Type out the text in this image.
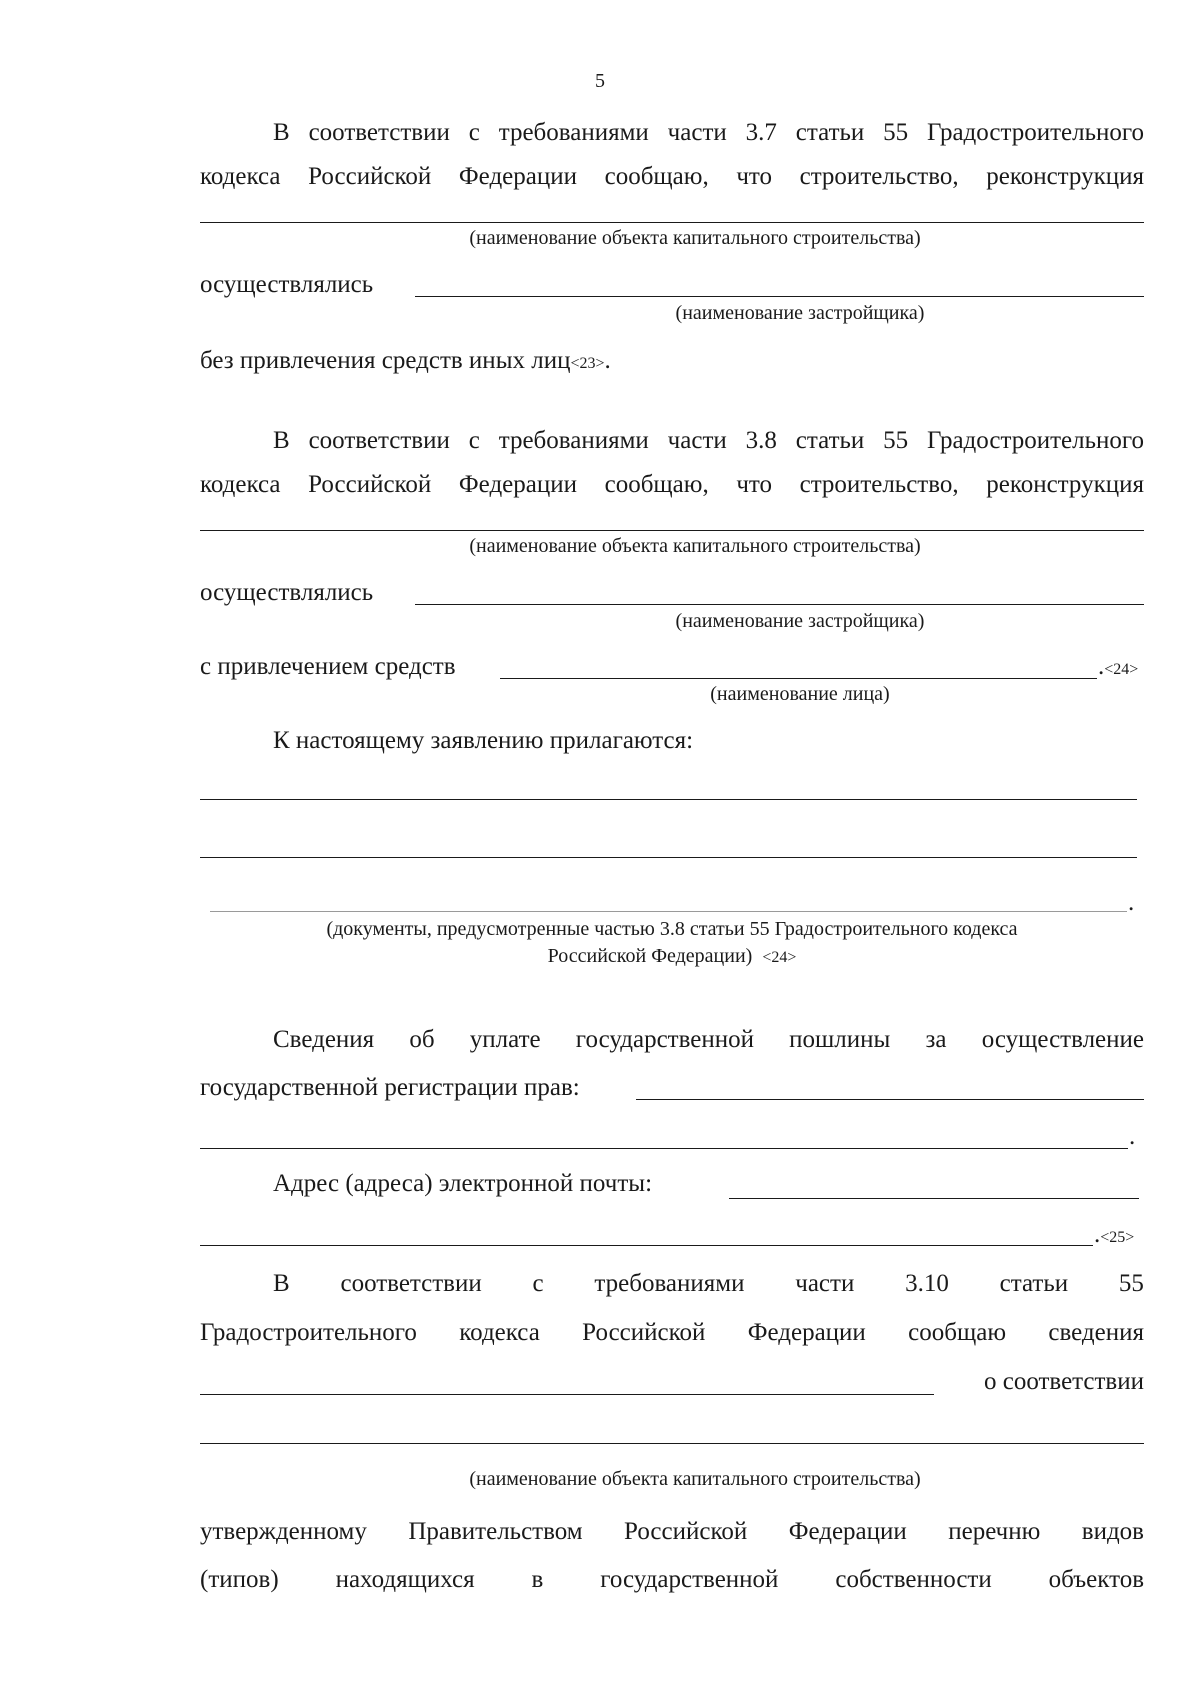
5
В соответствии с требованиями части 3.7 статьи 55 Градостроительного
кодекса Российской Федерации сообщаю, что строительство, реконструкция
(наименование объекта капитального строительства)
осуществлялись
(наименование застройщика)
без привлечения средств иных лиц<23>.
В соответствии с требованиями части 3.8 статьи 55 Градостроительного
кодекса Российской Федерации сообщаю, что строительство, реконструкция
(наименование объекта капитального строительства)
осуществлялись
(наименование застройщика)
с привлечением средств	.<24>
(наименование лица)
К настоящему заявлению прилагаются:
.
(документы, предусмотренные частью 3.8 статьи 55 Градостроительного кодекса
Российской Федерации) <24>
Сведения об уплате государственной пошлины за осуществление
государственной регистрации прав:
.
Адрес (адреса) электронной почты:
.<25>
В соответствии с требованиями части 3.10 статьи 55
Градостроительного кодекса Российской Федерации сообщаю сведения
о соответствии
(наименование объекта капитального строительства)
утвержденному Правительством Российской Федерации перечню видов
(типов) находящихся в государственной собственности объектов
